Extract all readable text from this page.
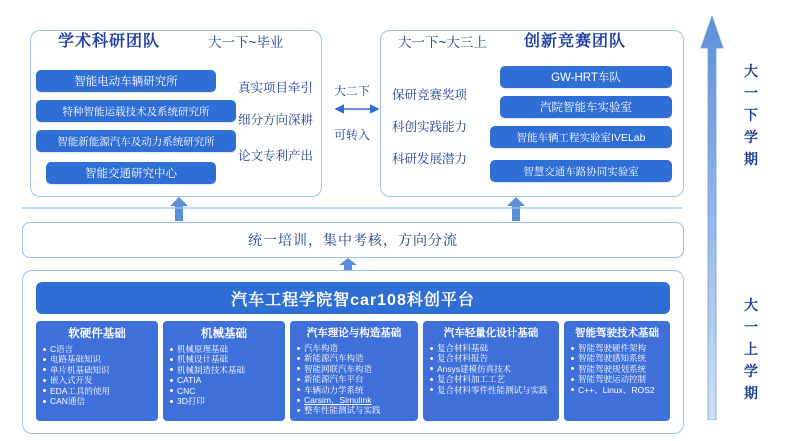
学术科研团队	大一下~毕业
智能电动车辆研究所
特种智能运载技术及系统研究所
智能新能源汽车及动力系统研究所
智能交通研究中心
真实项目牵引
细分方向深耕
论文专利产出
大二下
可转入
创新竞赛团队
大一下~大三上
保研竞赛奖项
科创实践能力
科研发展潜力
GW-HRT车队
汽院智能车实验室
智能车辆工程实验室IVELab
智慧交通车路协同实验室
统一培训，集中考核，方向分流
汽车工程学院智car108科创平台
软硬件基础
C语言
电路基础知识
单片机基础知识
嵌入式开发
EDA工具的使用
CAN通信
机械基础
机械原理基础
机械设计基础
机械制造技术基础
CATIA
CNC
3D打印
汽车理论与构造基础
汽车构造
新能源汽车构造
智能网联汽车构造
新能源汽车平台
车辆动力学系统
Carsim、Simulink
整车性能测试与实践
汽车轻量化设计基础
复合材料基础
复合材料报告
Ansys建模仿真技术
复合材料加工工艺
复合材料零件性能测试与实践
智能驾驶技术基础
智能驾驶硬件架构
智能驾驶感知系统
智能驾驶规划系统
智能驾驶运动控制
C++、Linux、ROS2
大
一
下
学
期
大
一
上
学
期
